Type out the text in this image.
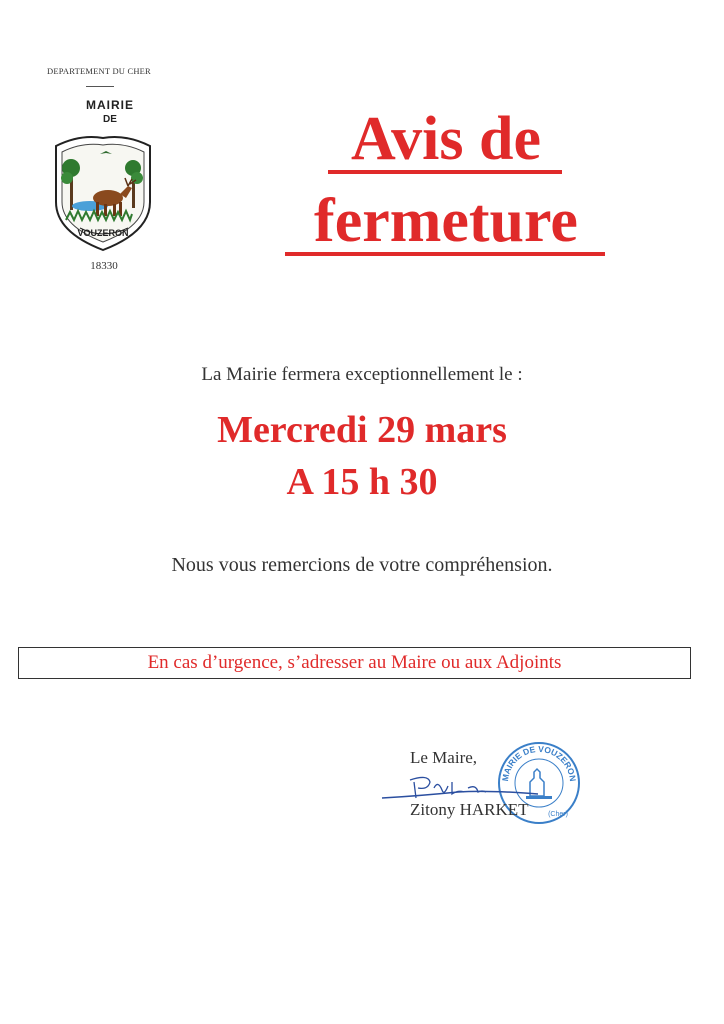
DEPARTEMENT DU CHER
MAIRIE
DE
VOUZERON
18330
Avis de
fermeture
La Mairie fermera exceptionnellement le :
Mercredi 29 mars
A 15 h 30
Nous vous remercions de votre compréhension.
En cas d’urgence, s’adresser au Maire ou aux Adjoints
MAIRIE DE VOUZERON
(Cher)
Le Maire,
Zitony HARKET
